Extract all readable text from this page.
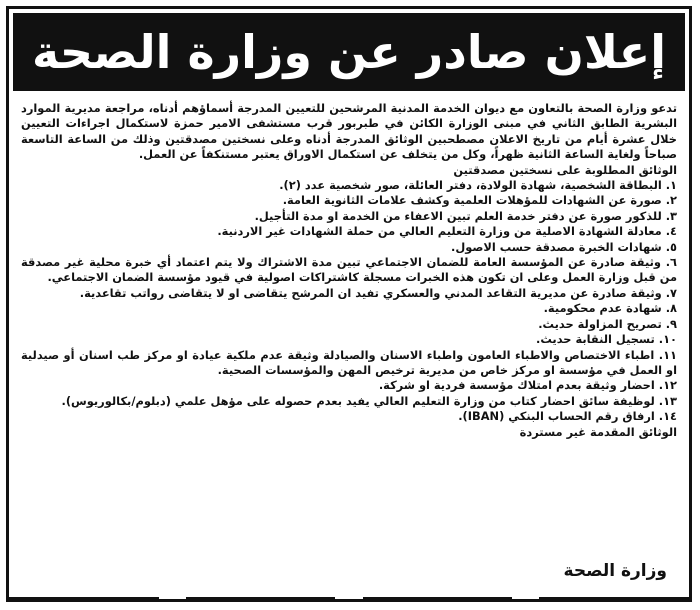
إعلان صادر عن وزارة الصحة

تدعو وزارة الصحة بالتعاون مع ديوان الخدمة المدنية المرشحين للتعيين المدرجة أسماؤهم أدناه، مراجعة مديرية الموارد البشرية الطابق الثاني في مبنى الوزارة الكائن في طبربور قرب مستشفى الامير حمزة لاستكمال اجراءات التعيين خلال عشرة أيام من تاريخ الاعلان مصطحبين الوثائق المدرجة أدناه وعلى نسختين مصدقتين وذلك من الساعة التاسعة صباحاً ولغاية الساعة الثانية ظهراً، وكل من يتخلف عن استكمال الاوراق يعتبر مستنكفاً عن العمل.

الوثائق المطلوبة على نسختين مصدقتين

١. البطاقة الشخصية، شهادة الولادة، دفتر العائلة، صور شخصية عدد (٢).
٢. صورة عن الشهادات للمؤهلات العلمية وكشف علامات الثانوية العامة.
٣. للذكور صورة عن دفتر خدمة العلم تبين الاعفاء من الخدمة او مدة التأجيل.
٤. معادلة الشهادة الاصلية من وزارة التعليم العالي من حملة الشهادات غير الاردنية.
٥. شهادات الخبرة مصدقة حسب الاصول.
٦. وثيقة صادرة عن المؤسسة العامة للضمان الاجتماعي تبين مدة الاشتراك ولا يتم اعتماد أي خبرة محلية غير مصدقة من قبل وزارة العمل وعلى ان تكون هذه الخبرات مسجلة كاشتراكات اصولية في قيود مؤسسة الضمان الاجتماعي.
٧. وثيقة صادرة عن مديرية التقاعد المدني والعسكري تفيد ان المرشح يتقاضى او لا يتقاضى رواتب تقاعدية.
٨. شهادة عدم محكومية.
٩. تصريح المزاولة حديث.
١٠. تسجيل النقابة حديث.
١١. اطباء الاختصاص والاطباء العامون واطباء الاسنان والصيادلة وثيقة عدم ملكية عيادة او مركز طب اسنان أو صيدلية او العمل في مؤسسة او مركز خاص من مديرية ترخيص المهن والمؤسسات الصحية.
١٢. احضار وثيقة بعدم امتلاك مؤسسة فردية او شركة.
١٣. لوظيفة سائق احضار كتاب من وزارة التعليم العالي يفيد بعدم حصوله على مؤهل علمي (دبلوم/بكالوريوس).
١٤. ارفاق رقم الحساب البنكي (IBAN).

الوثائق المقدمة غير مستردة

وزارة الصحة
